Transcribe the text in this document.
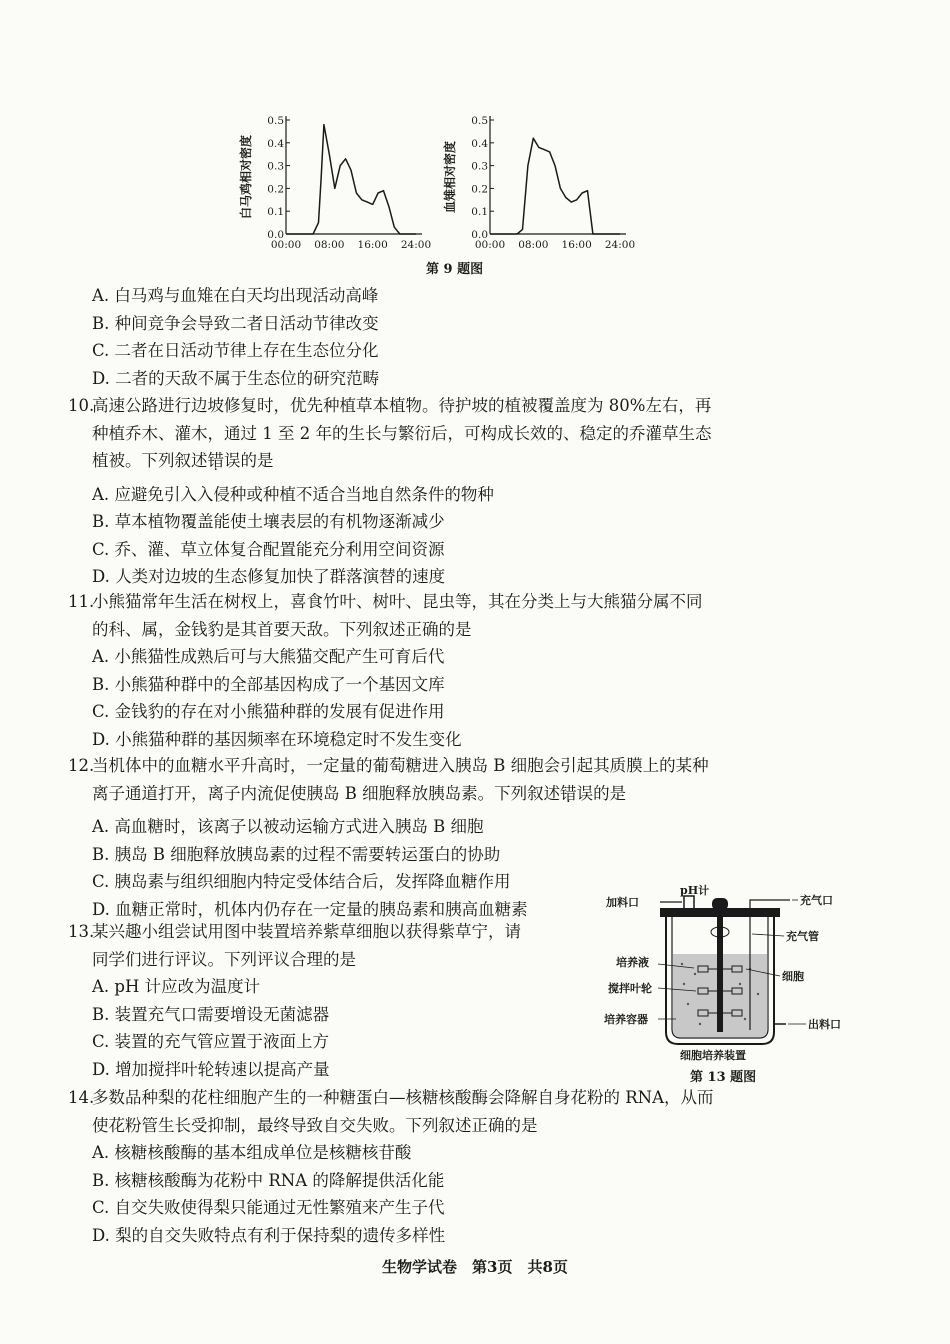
0.0
0.1
0.2
0.3
0.4
0.5
00:00 08:00 16:00 24:00
白马鸡相对密度
0.0
0.1
0.2
0.3
0.4
0.5
00:00 08:00 16:00 24:00
血雉相对密度
第 9 题图
A. 白马鸡与血雉在白天均出现活动高峰
B. 种间竞争会导致二者日活动节律改变
C. 二者在日活动节律上存在生态位分化
D. 二者的天敌不属于生态位的研究范畴
10.高速公路进行边坡修复时，优先种植草本植物。待护坡的植被覆盖度为 80%左右，再
种植乔木、灌木，通过 1 至 2 年的生长与繁衍后，可构成长效的、稳定的乔灌草生态
植被。下列叙述错误的是
A. 应避免引入入侵种或种植不适合当地自然条件的物种
B. 草本植物覆盖能使土壤表层的有机物逐渐减少
C. 乔、灌、草立体复合配置能充分利用空间资源
D. 人类对边坡的生态修复加快了群落演替的速度
11.小熊猫常年生活在树杈上，喜食竹叶、树叶、昆虫等，其在分类上与大熊猫分属不同
的科、属，金钱豹是其首要天敌。下列叙述正确的是
A. 小熊猫性成熟后可与大熊猫交配产生可育后代
B. 小熊猫种群中的全部基因构成了一个基因文库
C. 金钱豹的存在对小熊猫种群的发展有促进作用
D. 小熊猫种群的基因频率在环境稳定时不发生变化
12.当机体中的血糖水平升高时，一定量的葡萄糖进入胰岛 B 细胞会引起其质膜上的某种
离子通道打开，离子内流促使胰岛 B 细胞释放胰岛素。下列叙述错误的是
A. 高血糖时，该离子以被动运输方式进入胰岛 B 细胞
B. 胰岛 B 细胞释放胰岛素的过程不需要转运蛋白的协助
C. 胰岛素与组织细胞内特定受体结合后，发挥降血糖作用
D. 血糖正常时，机体内仍存在一定量的胰岛素和胰高血糖素
13.某兴趣小组尝试用图中装置培养紫草细胞以获得紫草宁，请
同学们进行评议。下列评议合理的是
A. pH 计应改为温度计
B. 装置充气口需要增设无菌滤器
C. 装置的充气管应置于液面上方
D. 增加搅拌叶轮转速以提高产量
加料口
pH计
充气口
充气管
培养液
细胞
搅拌叶轮
培养容器	出料口
细胞培养装置
第 13 题图
14.多数品种梨的花柱细胞产生的一种糖蛋白—核糖核酸酶会降解自身花粉的 RNA，从而
使花粉管生长受抑制，最终导致自交失败。下列叙述正确的是
A. 核糖核酸酶的基本组成单位是核糖核苷酸
B. 核糖核酸酶为花粉中 RNA 的降解提供活化能
C. 自交失败使得梨只能通过无性繁殖来产生子代
D. 梨的自交失败特点有利于保持梨的遗传多样性
生物学试卷　第3页　共8页
